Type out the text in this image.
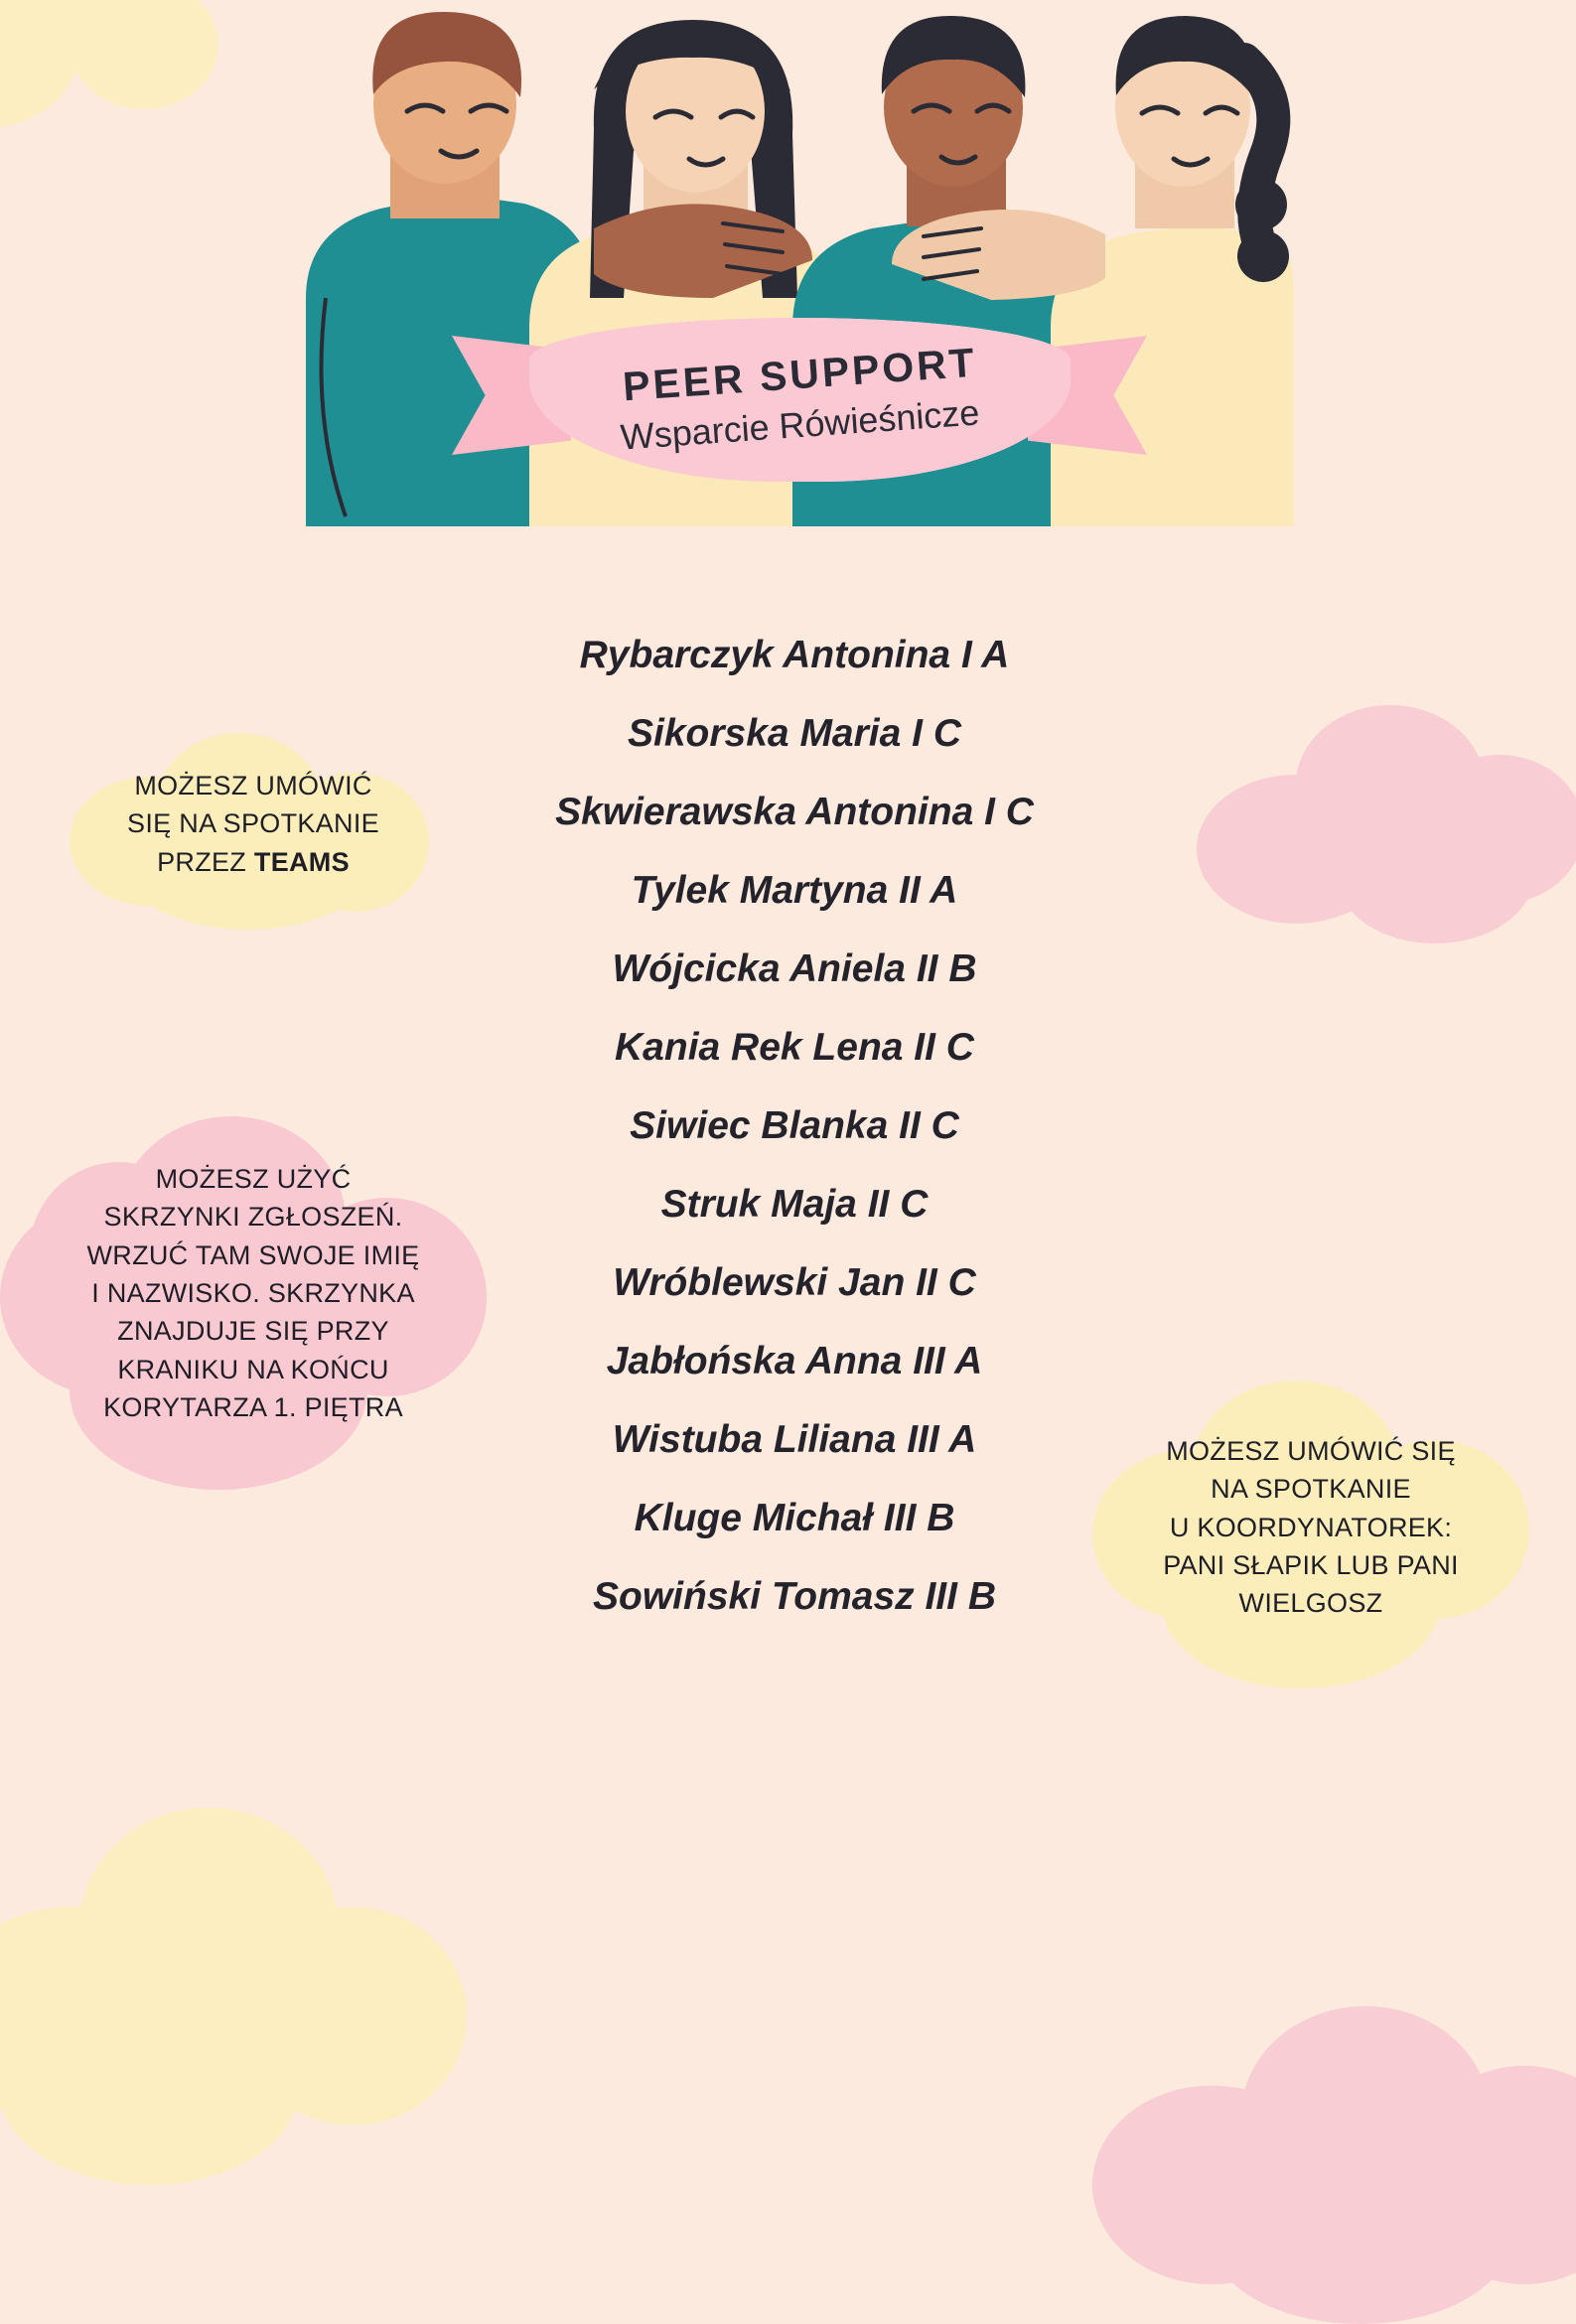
PEER SUPPORT
Wsparcie Rówieśnicze
Rybarczyk Antonina I A
Sikorska Maria I C
Skwierawska Antonina I C
Tylek Martyna II A
Wójcicka Aniela II B
Kania Rek Lena II C
Siwiec Blanka II C
Struk Maja II C
Wróblewski Jan II C
Jabłońska Anna III A
Wistuba Liliana III A
Kluge Michał III B
Sowiński Tomasz III B
MOŻESZ UMÓWIĆ
SIĘ NA SPOTKANIE
PRZEZ TEAMS
MOŻESZ UŻYĆ
SKRZYNKI ZGŁOSZEŃ.
WRZUĆ TAM SWOJE IMIĘ
I NAZWISKO. SKRZYNKA
ZNAJDUJE SIĘ PRZY
KRANIKU NA KOŃCU
KORYTARZA 1. PIĘTRA
MOŻESZ UMÓWIĆ SIĘ
NA SPOTKANIE
U KOORDYNATOREK:
PANI SŁAPIK LUB PANI
WIELGOSZ
